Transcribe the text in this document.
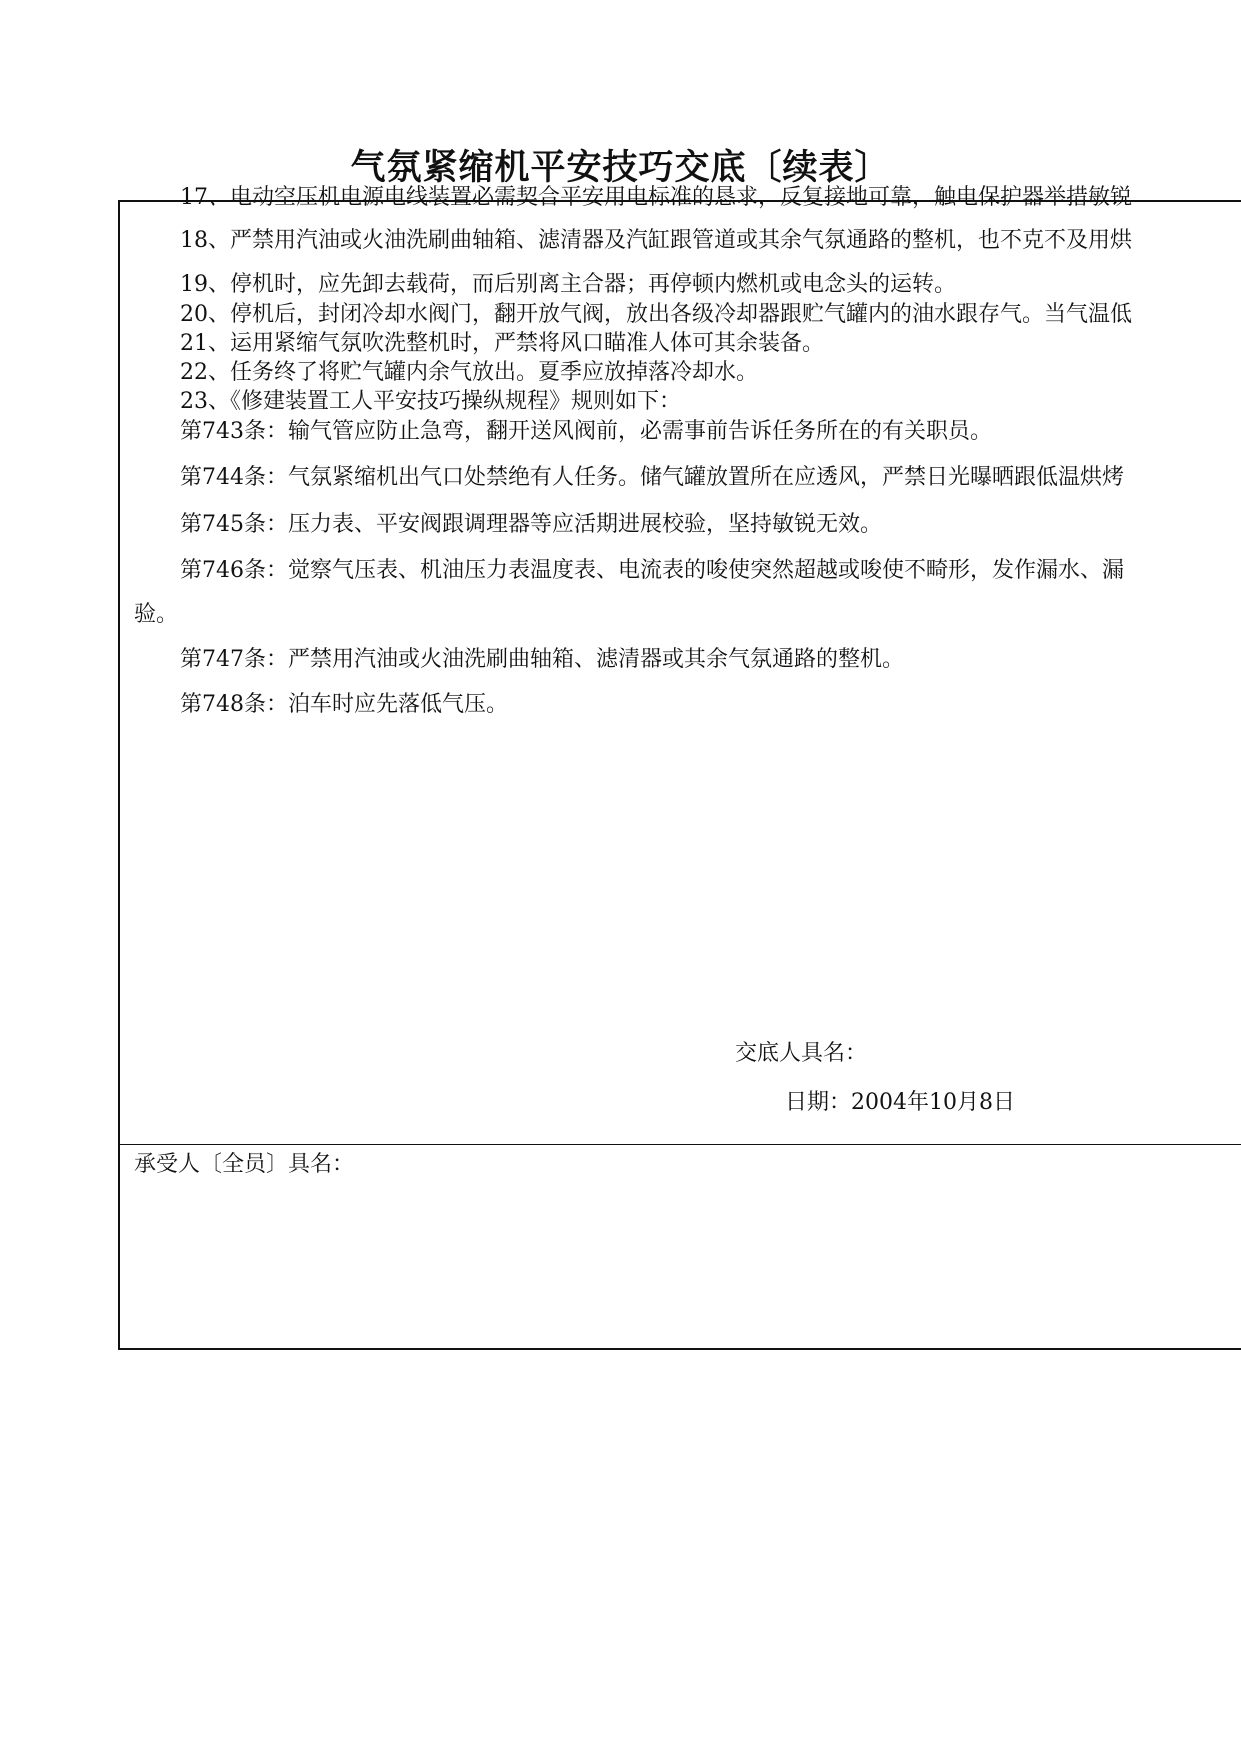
气氛紧缩机平安技巧交底〔续表〕
17、电动空压机电源电线装置必需契合平安用电标准的恳求，反复接地可靠，触电保护器举措敏锐
18、严禁用汽油或火油洗刷曲轴箱、滤清器及汽缸跟管道或其余气氛通路的整机，也不克不及用烘
19、停机时，应先卸去载荷，而后别离主合器；再停顿内燃机或电念头的运转。
20、停机后，封闭冷却水阀门，翻开放气阀，放出各级冷却器跟贮气罐内的油水跟存气。当气温低
21、运用紧缩气氛吹洗整机时，严禁将风口瞄准人体可其余装备。
22、任务终了将贮气罐内余气放出。夏季应放掉落冷却水。
23、《修建装置工人平安技巧操纵规程》规则如下：
第743条：输气管应防止急弯，翻开送风阀前，必需事前告诉任务所在的有关职员。
第744条：气氛紧缩机出气口处禁绝有人任务。储气罐放置所在应透风，严禁日光曝晒跟低温烘烤
第745条：压力表、平安阀跟调理器等应活期进展校验，坚持敏锐无效。
第746条：觉察气压表、机油压力表温度表、电流表的唆使突然超越或唆使不畸形，发作漏水、漏
验。
第747条：严禁用汽油或火油洗刷曲轴箱、滤清器或其余气氛通路的整机。
第748条：泊车时应先落低气压。
交底人具名：
日期：2004年10月8日
承受人〔全员〕具名：
